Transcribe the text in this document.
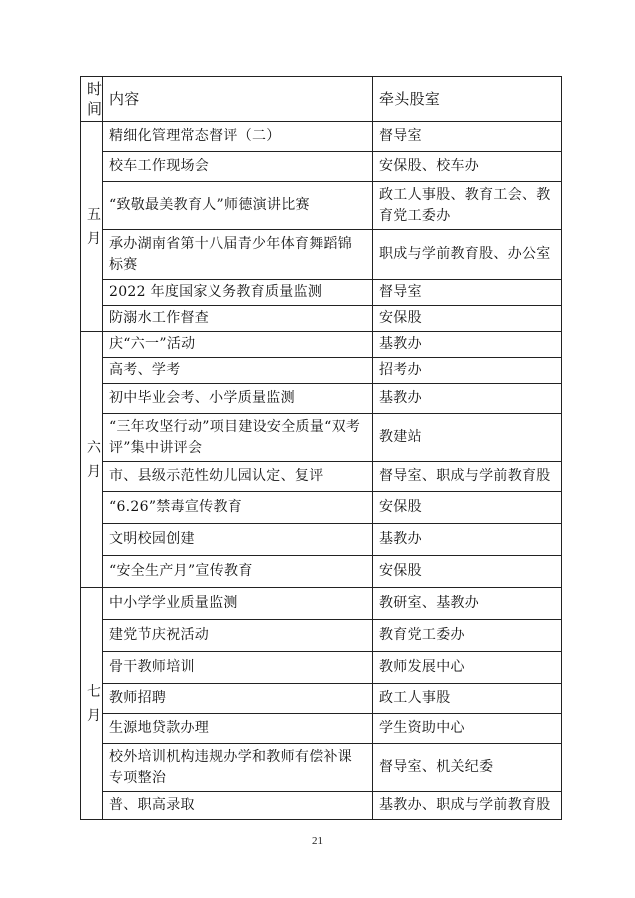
时间	内容	牵头股室
五月	精细化管理常态督评（二）	督导室
	校车工作现场会	安保股、校车办
	“致敬最美教育人”师德演讲比赛	政工人事股、教育工会、教育党工委办
	承办湖南省第十八届青少年体育舞蹈锦标赛	职成与学前教育股、办公室
	2022 年度国家义务教育质量监测	督导室
	防溺水工作督查	安保股
六月	庆“六一”活动	基教办
	高考、学考	招考办
	初中毕业会考、小学质量监测	基教办
	“三年攻坚行动”项目建设安全质量“双考评”集中讲评会	教建站
	市、县级示范性幼儿园认定、复评	督导室、职成与学前教育股
	“6.26”禁毒宣传教育	安保股
	文明校园创建	基教办
	“安全生产月”宣传教育	安保股
七月	中小学学业质量监测	教研室、基教办
	建党节庆祝活动	教育党工委办
	骨干教师培训	教师发展中心
	教师招聘	政工人事股
	生源地贷款办理	学生资助中心
	校外培训机构违规办学和教师有偿补课专项整治	督导室、机关纪委
	普、职高录取	基教办、职成与学前教育股
21
